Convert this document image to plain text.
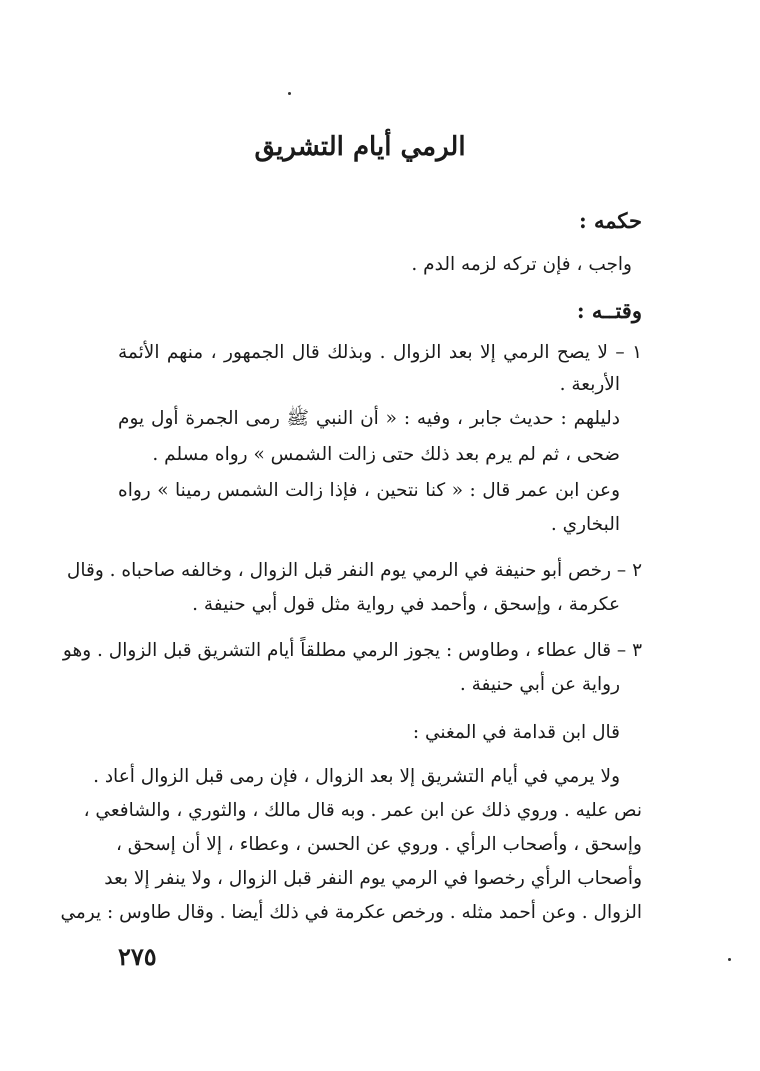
الرمي أيام التشريق
حكمه :

واجب ، فإن تركه لزمه الدم .

وقتــه :

١ – لا يصح الرمي إلا بعد الزوال . وبذلك قال الجمهور ، منهم الأئمة

الأربعة .

دليلهم : حديث جابر ، وفيه : « أن النبي ﷺ رمى الجمرة أول يوم

ضحى ، ثم لم يرم بعد ذلك حتى زالت الشمس » رواه مسلم .

وعن ابن عمر قال : « كنا نتحين ، فإذا زالت الشمس رمينا » رواه

البخاري .

٢ – رخص أبو حنيفة في الرمي يوم النفر قبل الزوال ، وخالفه صاحباه . وقال

عكرمة ، وإسحق ، وأحمد في رواية مثل قول أبي حنيفة .

٣ – قال عطاء ، وطاوس : يجوز الرمي مطلقاً أيام التشريق قبل الزوال . وهو

رواية عن أبي حنيفة .

قال ابن قدامة في المغني :

ولا يرمي في أيام التشريق إلا بعد الزوال ، فإن رمى قبل الزوال أعاد .

نص عليه . وروي ذلك عن ابن عمر . وبه قال مالك ، والثوري ، والشافعي ،

وإسحق ، وأصحاب الرأي . وروي عن الحسن ، وعطاء ، إلا أن إسحق ،

وأصحاب الرأي رخصوا في الرمي يوم النفر قبل الزوال ، ولا ينفر إلا بعد

الزوال . وعن أحمد مثله . ورخص عكرمة في ذلك أيضا . وقال طاوس : يرمي

٢٧٥
